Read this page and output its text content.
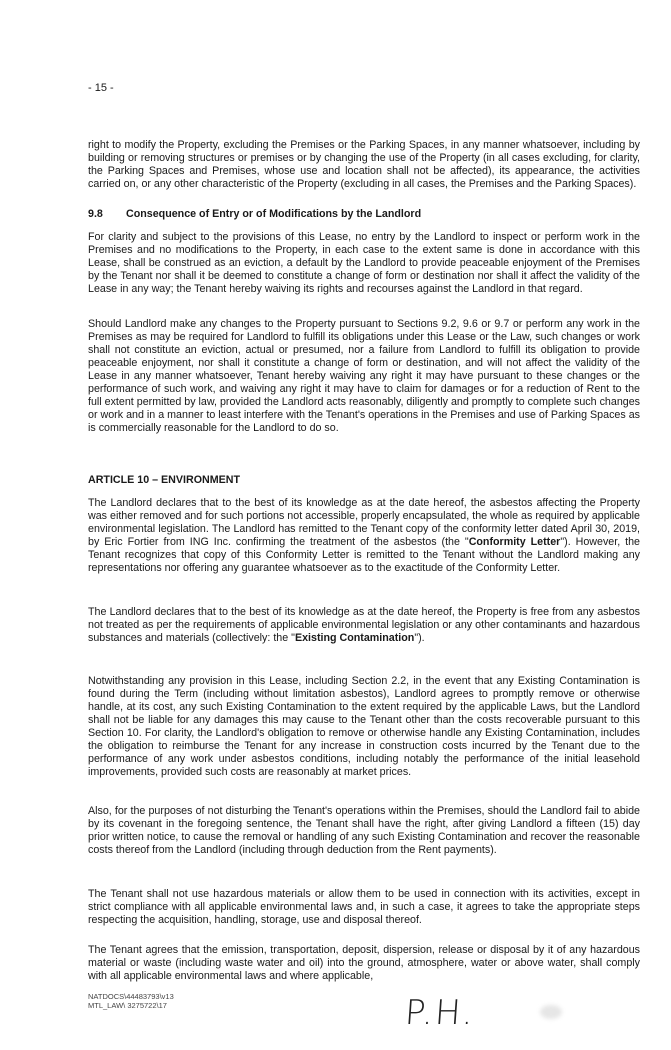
- 15 -

right to modify the Property, excluding the Premises or the Parking Spaces, in any manner whatsoever, including by building or removing structures or premises or by changing the use of the Property (in all cases excluding, for clarity, the Parking Spaces and Premises, whose use and location shall not be affected), its appearance, the activities carried on, or any other characteristic of the Property (excluding in all cases, the Premises and the Parking Spaces).

9.8 Consequence of Entry or of Modifications by the Landlord

For clarity and subject to the provisions of this Lease, no entry by the Landlord to inspect or perform work in the Premises and no modifications to the Property, in each case to the extent same is done in accordance with this Lease, shall be construed as an eviction, a default by the Landlord to provide peaceable enjoyment of the Premises by the Tenant nor shall it be deemed to constitute a change of form or destination nor shall it affect the validity of the Lease in any way; the Tenant hereby waiving its rights and recourses against the Landlord in that regard.

Should Landlord make any changes to the Property pursuant to Sections 9.2, 9.6 or 9.7 or perform any work in the Premises as may be required for Landlord to fulfill its obligations under this Lease or the Law, such changes or work shall not constitute an eviction, actual or presumed, nor a failure from Landlord to fulfill its obligation to provide peaceable enjoyment, nor shall it constitute a change of form or destination, and will not affect the validity of the Lease in any manner whatsoever, Tenant hereby waiving any right it may have pursuant to these changes or the performance of such work, and waiving any right it may have to claim for damages or for a reduction of Rent to the full extent permitted by law, provided the Landlord acts reasonably, diligently and promptly to complete such changes or work and in a manner to least interfere with the Tenant's operations in the Premises and use of Parking Spaces as is commercially reasonable for the Landlord to do so.

ARTICLE 10 – ENVIRONMENT

The Landlord declares that to the best of its knowledge as at the date hereof, the asbestos affecting the Property was either removed and for such portions not accessible, properly encapsulated, the whole as required by applicable environmental legislation. The Landlord has remitted to the Tenant copy of the conformity letter dated April 30, 2019, by Eric Fortier from ING Inc. confirming the treatment of the asbestos (the "Conformity Letter"). However, the Tenant recognizes that copy of this Conformity Letter is remitted to the Tenant without the Landlord making any representations nor offering any guarantee whatsoever as to the exactitude of the Conformity Letter.

The Landlord declares that to the best of its knowledge as at the date hereof, the Property is free from any asbestos not treated as per the requirements of applicable environmental legislation or any other contaminants and hazardous substances and materials (collectively: the "Existing Contamination").

Notwithstanding any provision in this Lease, including Section 2.2, in the event that any Existing Contamination is found during the Term (including without limitation asbestos), Landlord agrees to promptly remove or otherwise handle, at its cost, any such Existing Contamination to the extent required by the applicable Laws, but the Landlord shall not be liable for any damages this may cause to the Tenant other than the costs recoverable pursuant to this Section 10. For clarity, the Landlord's obligation to remove or otherwise handle any Existing Contamination, includes the obligation to reimburse the Tenant for any increase in construction costs incurred by the Tenant due to the performance of any work under asbestos conditions, including notably the performance of the initial leasehold improvements, provided such costs are reasonably at market prices.

Also, for the purposes of not disturbing the Tenant's operations within the Premises, should the Landlord fail to abide by its covenant in the foregoing sentence, the Tenant shall have the right, after giving Landlord a fifteen (15) day prior written notice, to cause the removal or handling of any such Existing Contamination and recover the reasonable costs thereof from the Landlord (including through deduction from the Rent payments).

The Tenant shall not use hazardous materials or allow them to be used in connection with its activities, except in strict compliance with all applicable environmental laws and, in such a case, it agrees to take the appropriate steps respecting the acquisition, handling, storage, use and disposal thereof.

The Tenant agrees that the emission, transportation, deposit, dispersion, release or disposal by it of any hazardous material or waste (including waste water and oil) into the ground, atmosphere, water or above water, shall comply with all applicable environmental laws and where applicable,

NATDOCS\44483793\v13
MTL_LAW\ 3275722\17	P.H.
